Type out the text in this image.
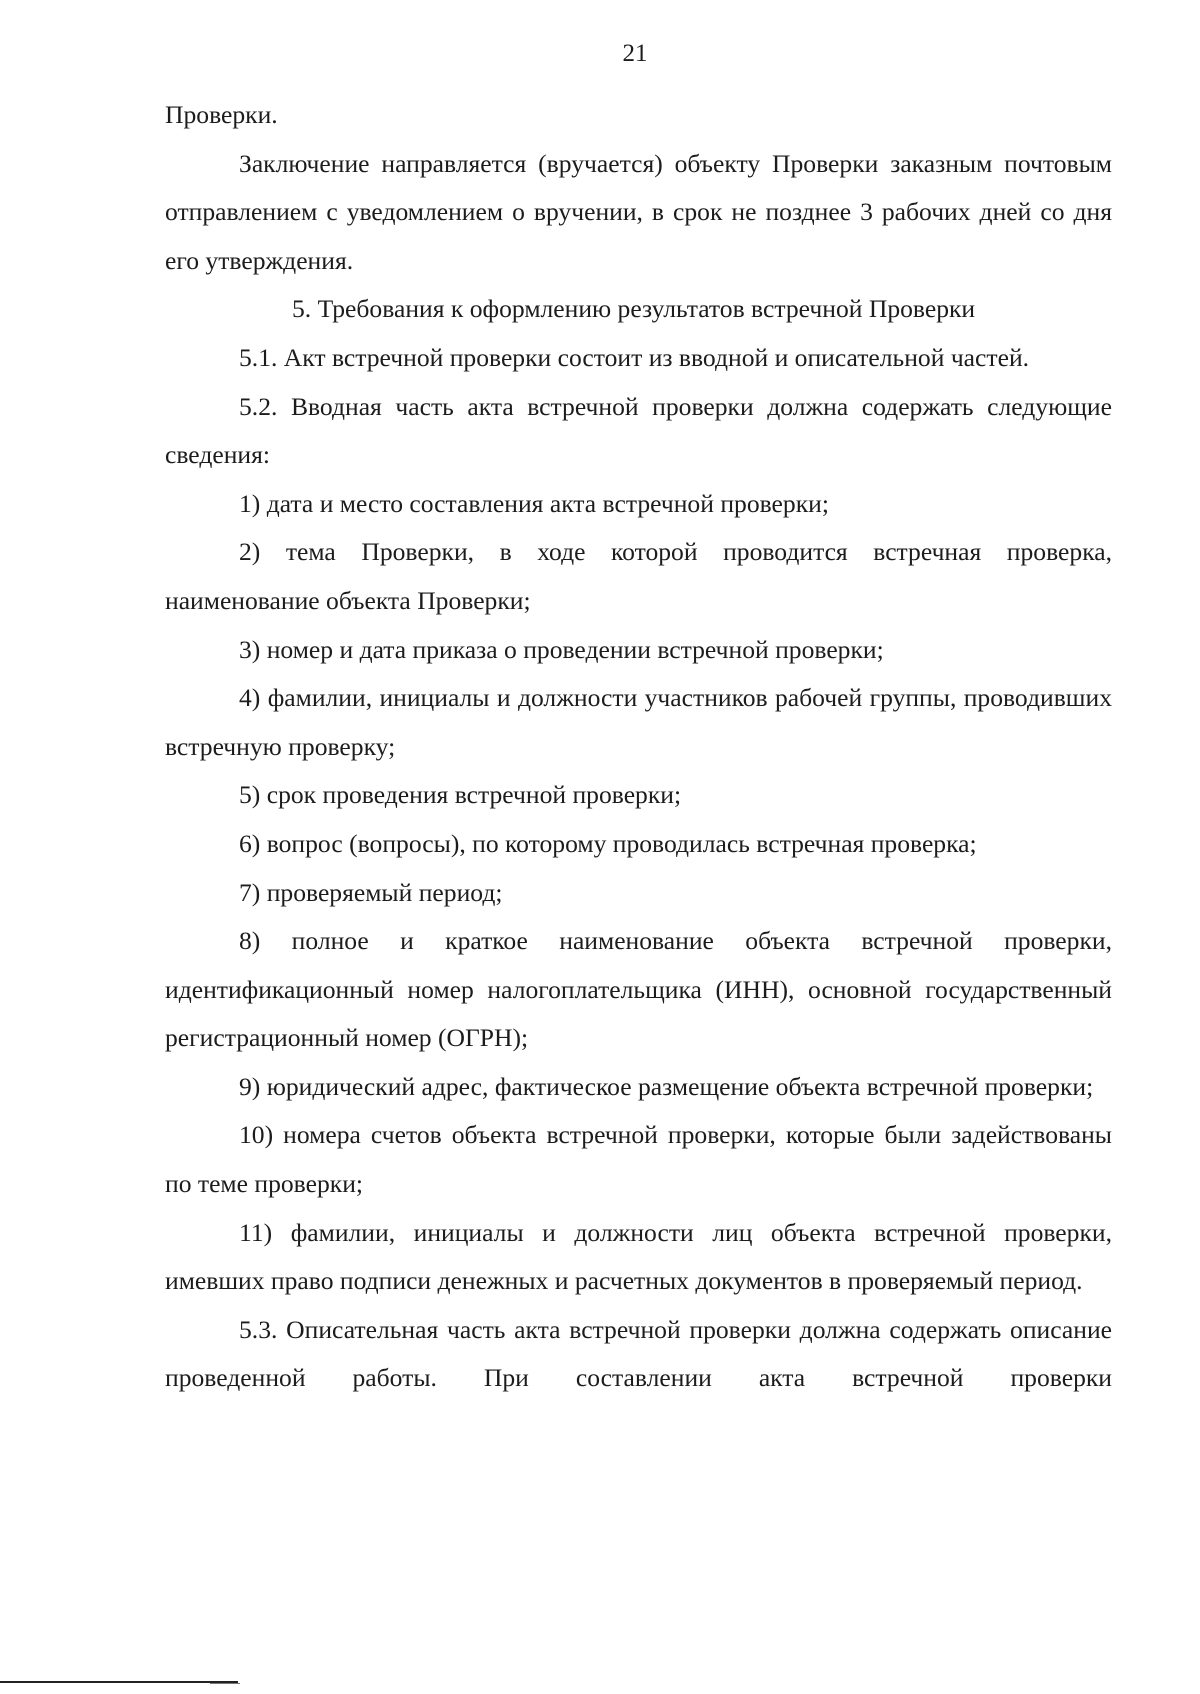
21

Проверки.

Заключение направляется (вручается) объекту Проверки заказным почтовым отправлением с уведомлением о вручении, в срок не позднее 3 рабочих дней со дня его утверждения.

5. Требования к оформлению результатов встречной Проверки

5.1. Акт встречной проверки состоит из вводной и описательной частей.

5.2. Вводная часть акта встречной проверки должна содержать следующие сведения:

1) дата и место составления акта встречной проверки;

2) тема Проверки, в ходе которой проводится встречная проверка, наименование объекта Проверки;

3) номер и дата приказа о проведении встречной проверки;

4) фамилии, инициалы и должности участников рабочей группы, проводивших встречную проверку;

5) срок проведения встречной проверки;

6) вопрос (вопросы), по которому проводилась встречная проверка;

7) проверяемый период;

8) полное и краткое наименование объекта встречной проверки, идентификационный номер налогоплательщика (ИНН), основной государственный регистрационный номер (ОГРН);

9) юридический адрес, фактическое размещение объекта встречной проверки;

10) номера счетов объекта встречной проверки, которые были задействованы по теме проверки;

11) фамилии, инициалы и должности лиц объекта встречной проверки, имевших право подписи денежных и расчетных документов в проверяемый период.

5.3. Описательная часть акта встречной проверки должна содержать описание проведенной работы. При составлении акта встречной проверки
